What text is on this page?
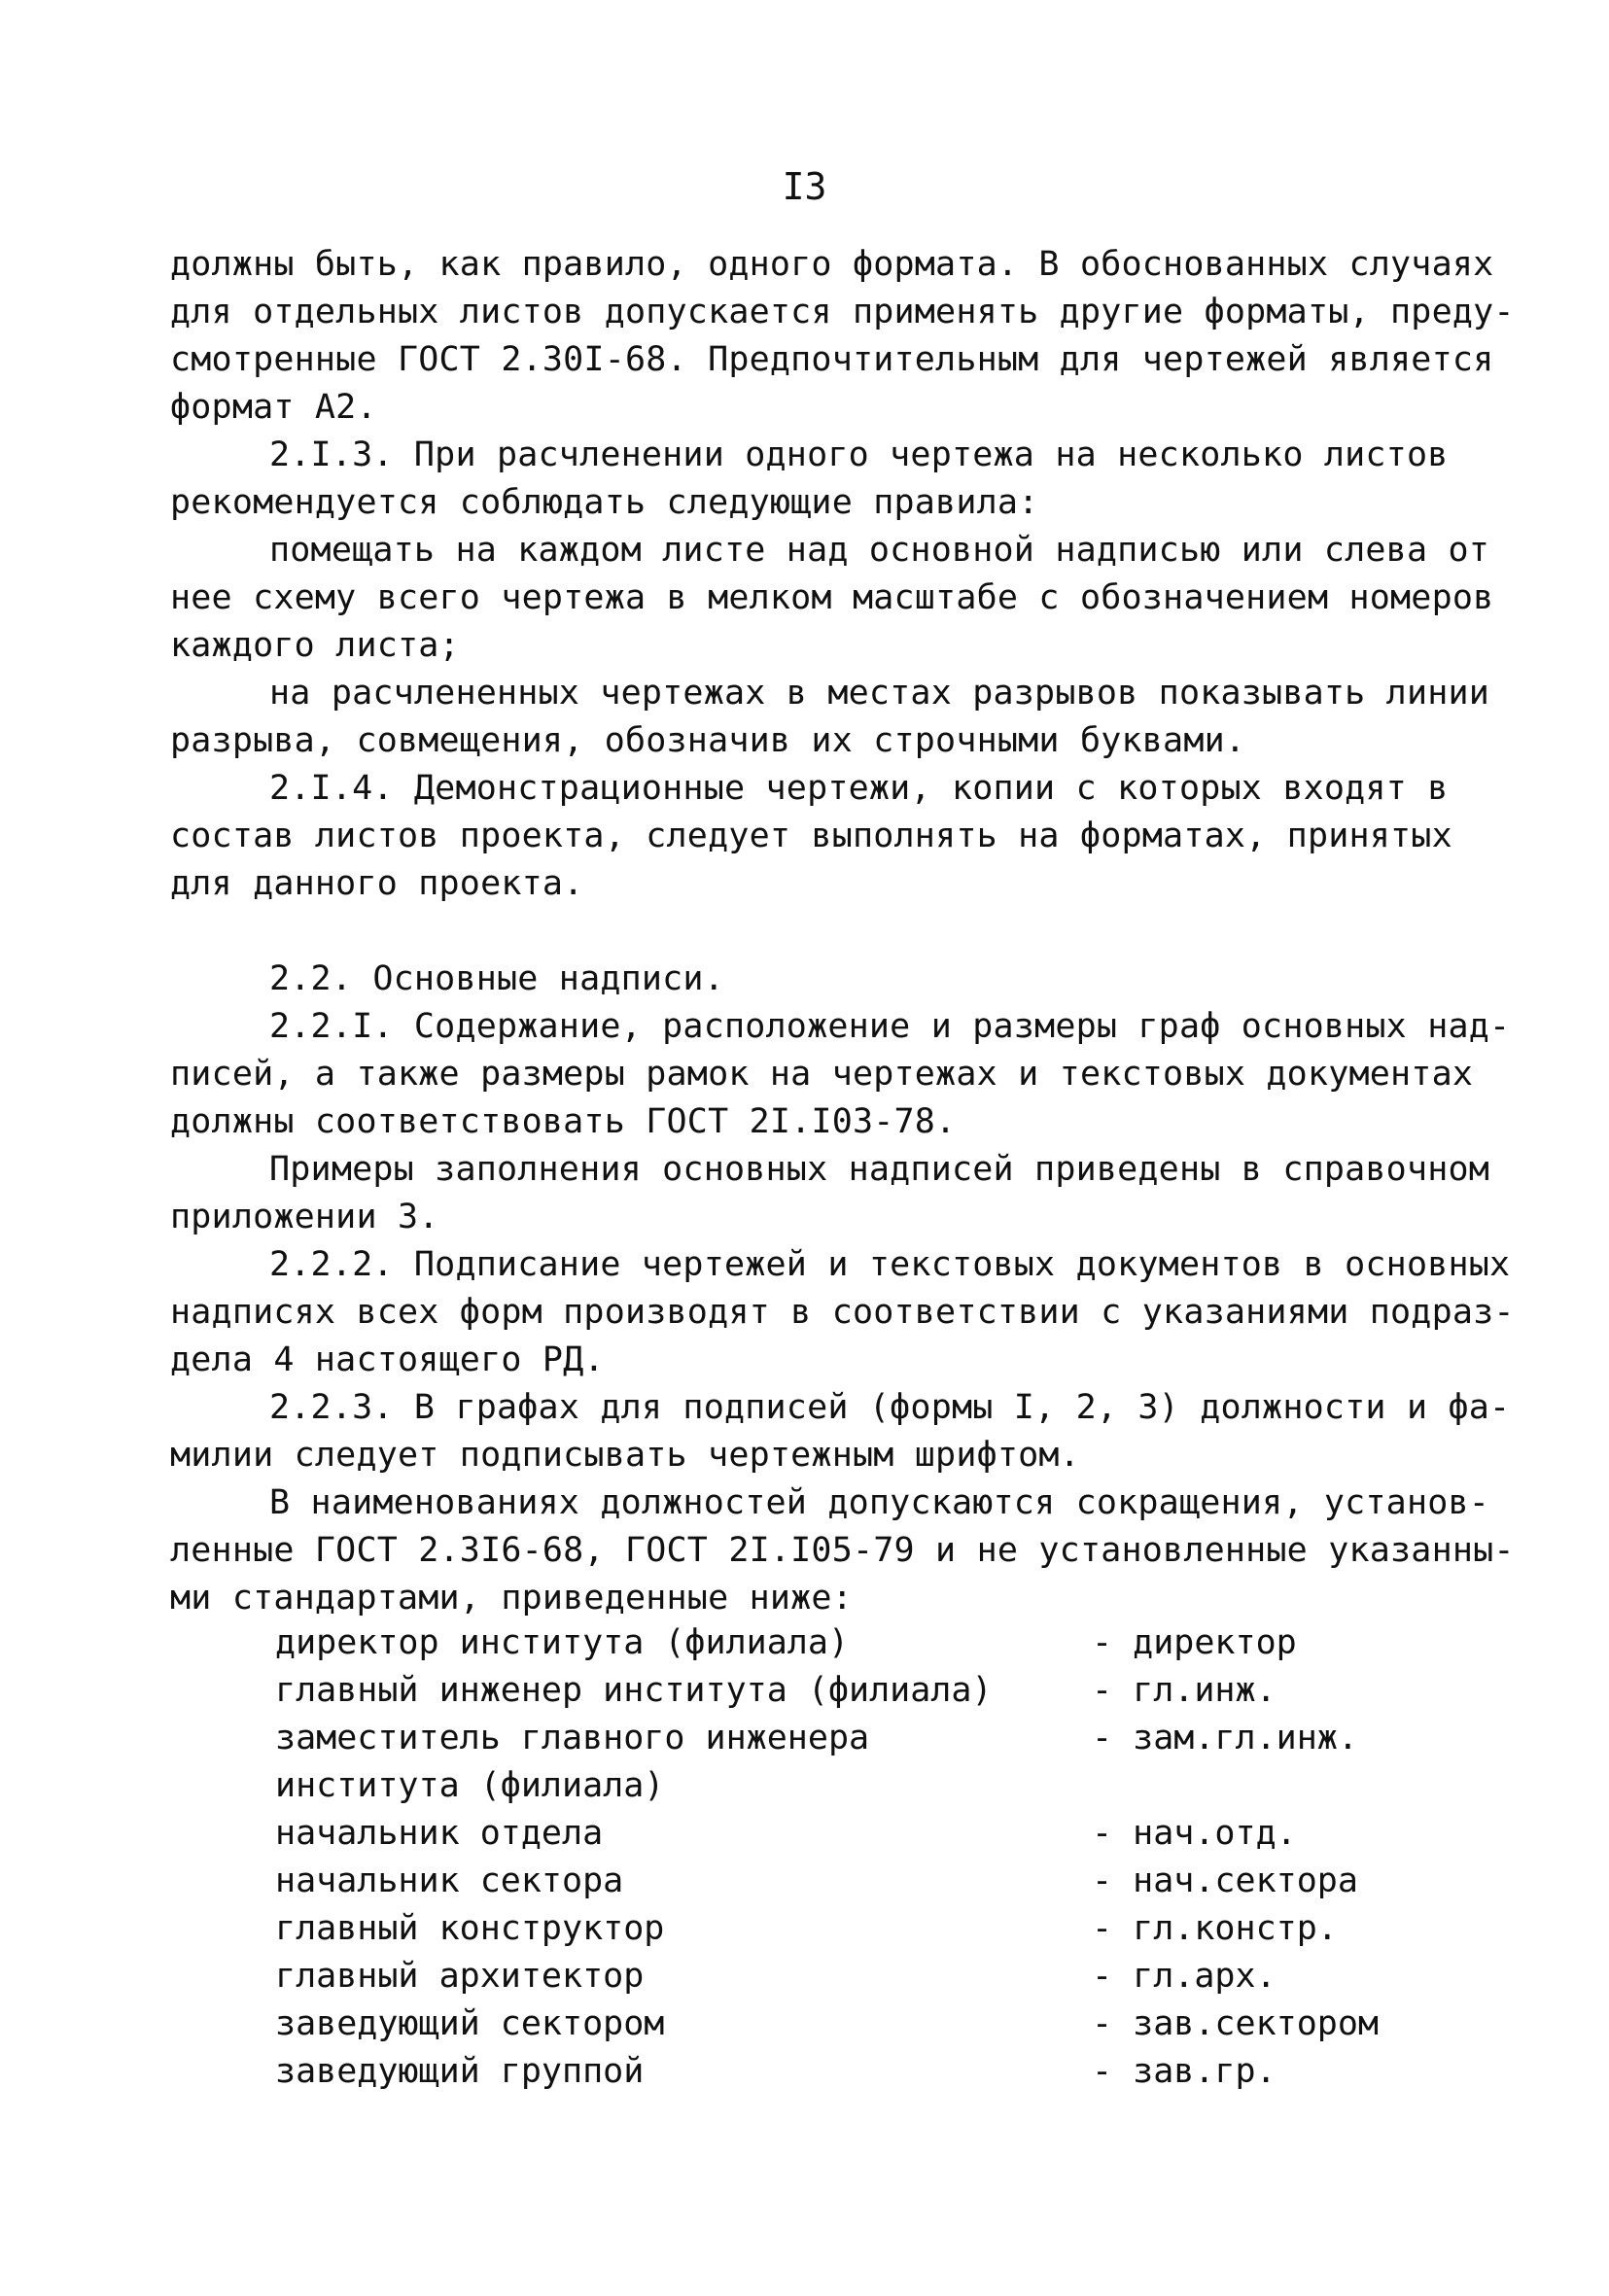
I3
должны быть, как правило, одного формата. В обоснованных случаях
для отдельных листов допускается применять другие форматы, преду-
смотренные ГОСТ 2.30I-68. Предпочтительным для чертежей является
формат А2.
2.I.3. При расчленении одного чертежа на несколько листов
рекомендуется соблюдать следующие правила:
помещать на каждом листе над основной надписью или слева от
нее схему всего чертежа в мелком масштабе с обозначением номеров
каждого листа;
на расчлененных чертежах в местах разрывов показывать линии
разрыва, совмещения, обозначив их строчными буквами.
2.I.4. Демонстрационные чертежи, копии с которых входят в
состав листов проекта, следует выполнять на форматах, принятых
для данного проекта.
2.2. Основные надписи.
2.2.I. Содержание, расположение и размеры граф основных над-
писей, а также размеры рамок на чертежах и текстовых документах
должны соответствовать ГОСТ 2I.I03-78.
Примеры заполнения основных надписей приведены в справочном
приложении 3.
2.2.2. Подписание чертежей и текстовых документов в основных
надписях всех форм производят в соответствии с указаниями подраз-
дела 4 настоящего РД.
2.2.3. В графах для подписей (формы I, 2, 3) должности и фа-
милии следует подписывать чертежным шрифтом.
В наименованиях должностей допускаются сокращения, установ-
ленные ГОСТ 2.3I6-68, ГОСТ 2I.I05-79 и не установленные указанны-
ми стандартами, приведенные ниже:
директор института (филиала)	- директор
главный инженер института (филиала)	- гл.инж.
заместитель главного инженера	- зам.гл.инж.
института (филиала)
начальник отдела	- нач.отд.
начальник сектора	- нач.сектора
главный конструктор	- гл.констр.
главный архитектор	- гл.арх.
заведующий сектором	- зав.сектором
заведующий группой	- зав.гр.
